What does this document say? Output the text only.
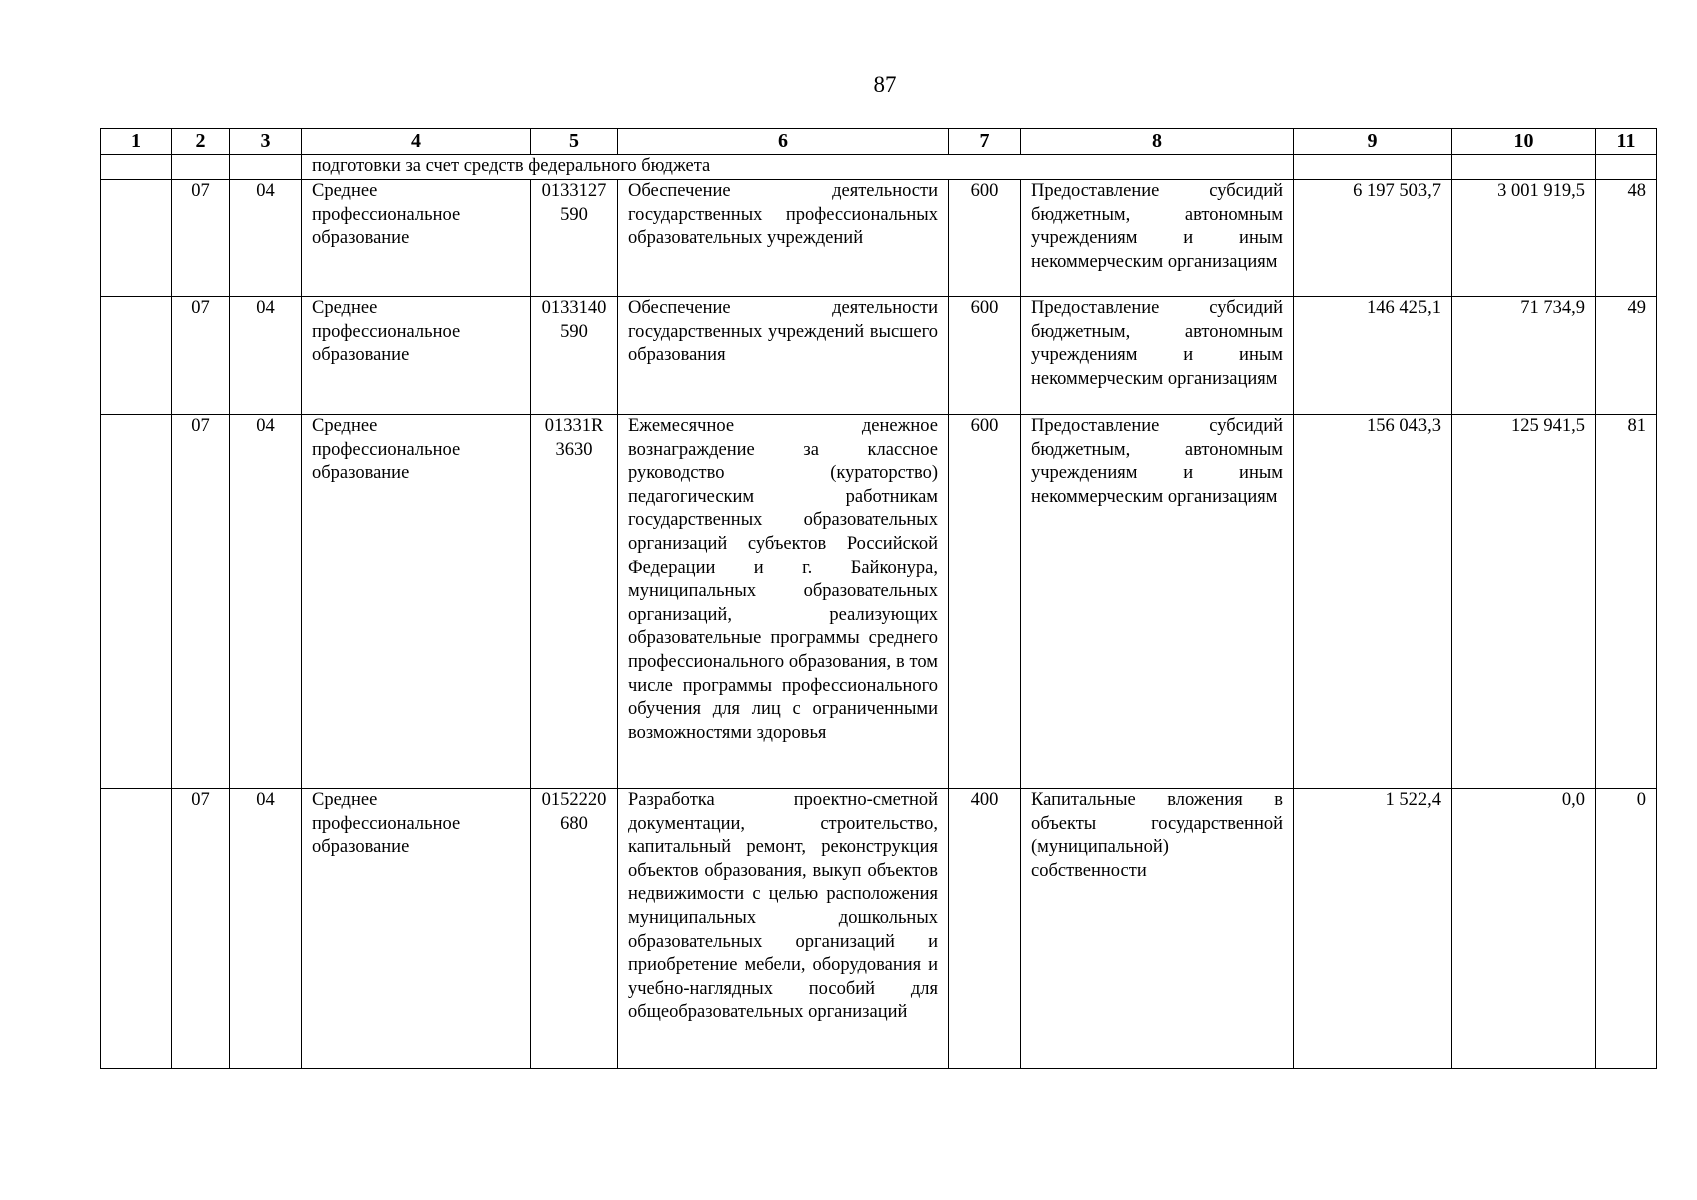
87
1	2	3	4	5	6	7	8	9	10	11
			подготовки за счет средств федерального бюджета							
	07	04	Среднее профессиональное образование	0133127590	Обеспечение деятельности государственных профессиональных образовательных учреждений	600	Предоставление субсидий бюджетным, автономным учреждениям и иным некоммерческим организациям	6 197 503,7	3 001 919,5	48
	07	04	Среднее профессиональное образование	0133140590	Обеспечение деятельности государственных учреждений высшего образования	600	Предоставление субсидий бюджетным, автономным учреждениям и иным некоммерческим организациям	146 425,1	71 734,9	49
	07	04	Среднее профессиональное образование	01331R3630	Ежемесячное денежное вознаграждение за классное руководство (кураторство) педагогическим работникам государственных образовательных организаций субъектов Российской Федерации и г. Байконура, муниципальных образовательных организаций, реализующих образовательные программы среднего профессионального образования, в том числе программы профессионального обучения для лиц с ограниченными возможностями здоровья	600	Предоставление субсидий бюджетным, автономным учреждениям и иным некоммерческим организациям	156 043,3	125 941,5	81
	07	04	Среднее профессиональное образование	0152220680	Разработка проектно-сметной документации, строительство, капитальный ремонт, реконструкция объектов образования, выкуп объектов недвижимости с целью расположения муниципальных дошкольных образовательных организаций и приобретение мебели, оборудования и учебно-наглядных пособий для общеобразовательных организаций	400	Капитальные вложения в объекты государственной (муниципальной) собственности	1 522,4	0,0	0
